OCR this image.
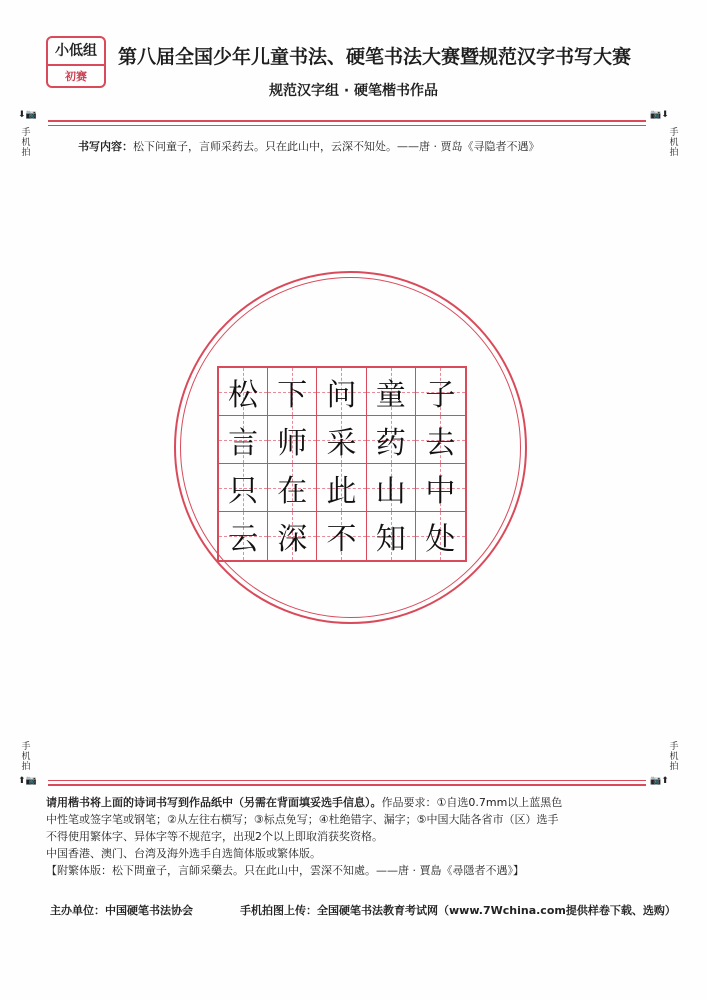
小低组
初赛
第八届全国少年儿童书法、硬笔书法大赛暨规范汉字书写大赛
规范汉字组 · 硬笔楷书作品
⬇📷
手机拍
📷⬇
手机拍
书写内容：松下问童子，言师采药去。只在此山中，云深不知处。——唐 · 贾岛《寻隐者不遇》
松 下 问 童 子
言 师 采 药 去
只 在 此 山 中
云 深 不 知 处
手机拍
⬆📷
手机拍
📷⬆

请用楷书将上面的诗词书写到作品纸中（另需在背面填妥选手信息）。作品要求：①自选0.7mm以上蓝黑色

中性笔或签字笔或钢笔；②从左往右横写；③标点免写；④杜绝错字、漏字；⑤中国大陆各省市（区）选手

不得使用繁体字、异体字等不规范字，出现2个以上即取消获奖资格。

中国香港、澳门、台湾及海外选手自选简体版或繁体版。

【附繁体版：松下問童子，言師采藥去。只在此山中，雲深不知處。——唐 · 賈島《尋隱者不遇》】

主办单位：中国硬笔书法协会	手机拍图上传：全国硬笔书法教育考试网（www.7Wchina.com提供样卷下载、选购）
